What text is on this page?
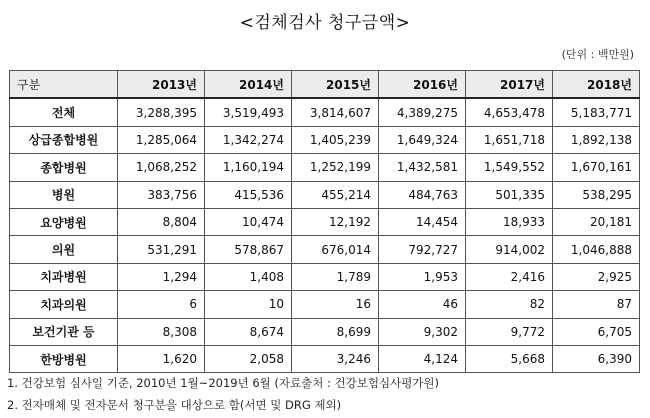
<검체검사 청구금액>
(단위 : 백만원)
구분	2013년	2014년	2015년	2016년	2017년	2018년
전체	3,288,395	3,519,493	3,814,607	4,389,275	4,653,478	5,183,771
상급종합병원	1,285,064	1,342,274	1,405,239	1,649,324	1,651,718	1,892,138
종합병원	1,068,252	1,160,194	1,252,199	1,432,581	1,549,552	1,670,161
병원	383,756	415,536	455,214	484,763	501,335	538,295
요양병원	8,804	10,474	12,192	14,454	18,933	20,181
의원	531,291	578,867	676,014	792,727	914,002	1,046,888
치과병원	1,294	1,408	1,789	1,953	2,416	2,925
치과의원	6	10	16	46	82	87
보건기관 등	8,308	8,674	8,699	9,302	9,772	6,705
한방병원	1,620	2,058	3,246	4,124	5,668	6,390
1. 건강보험 심사일 기준, 2010년 1월~2019년 6월 (자료출처 : 건강보험심사평가원)
2. 전자매체 및 전자문서 청구분을 대상으로 함(서면 및 DRG 제외)
